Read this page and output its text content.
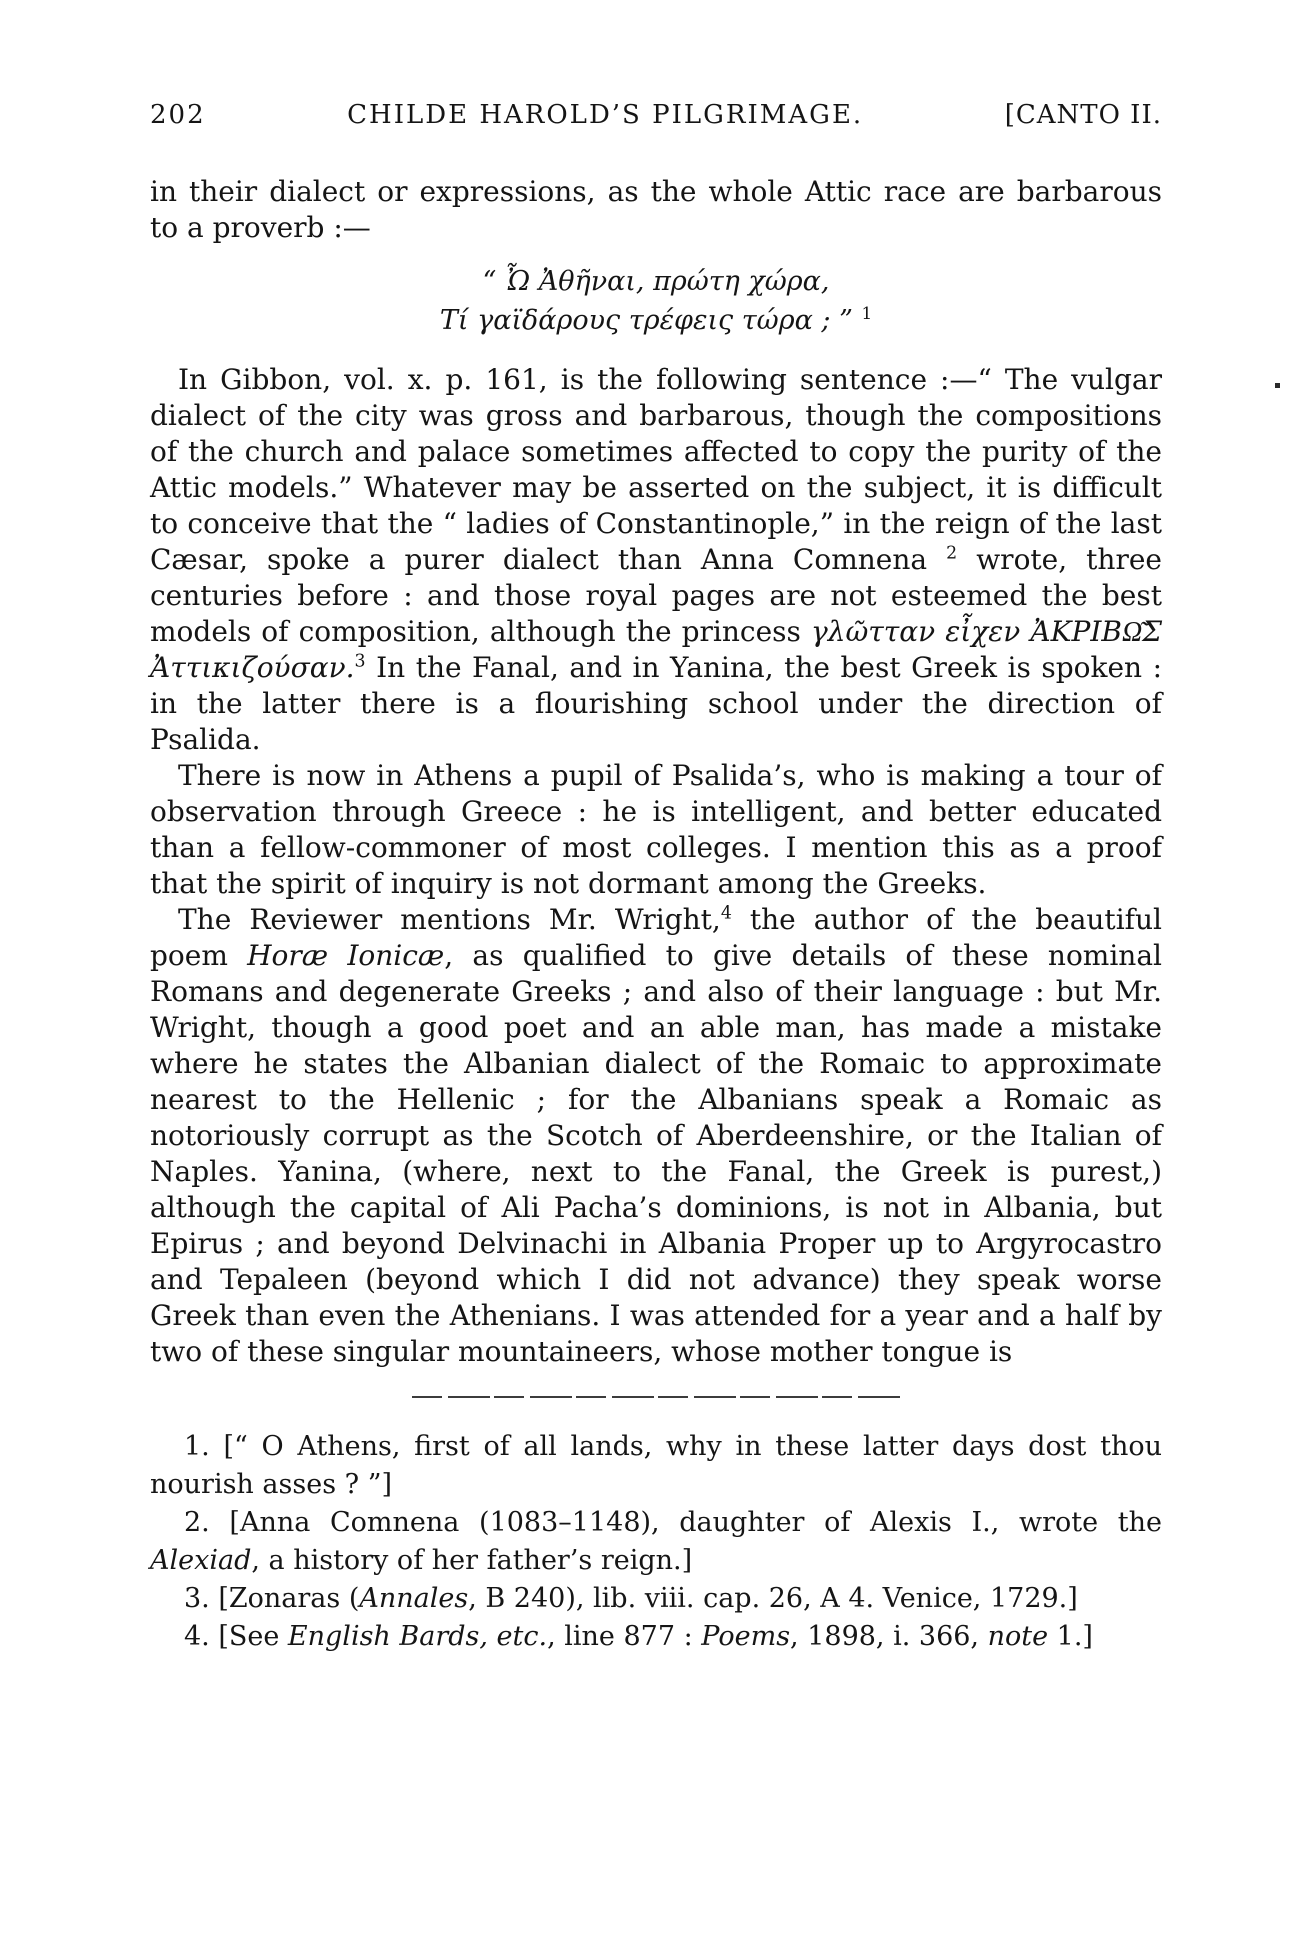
202	CHILDE HAROLD’S PILGRIMAGE.	[CANTO II.

in their dialect or expressions, as the whole Attic race are barbarous to a proverb :—

“ Ὦ Ἀθῆναι, πρώτη χώρα,
Τί γαϊδάρους τρέφεις τώρα ; ” $^1$

In Gibbon, vol. x. p. 161, is the following sentence :—“ The vulgar dialect of the city was gross and barbarous, though the compositions of the church and palace sometimes affected to copy the purity of the Attic models.” Whatever may be asserted on the subject, it is difficult to conceive that the “ ladies of Constantinople,” in the reign of the last Cæsar, spoke a purer dialect than Anna Comnena $^2$ wrote, three centuries before : and those royal pages are not esteemed the best models of composition, although the princess γλῶτταν εἶχεν ἈΚΡΙΒΩ͂Σ Ἀττικιζούσαν.$^3$ In the Fanal, and in Yanina, the best Greek is spoken : in the latter there is a flourishing school under the direction of Psalida.

There is now in Athens a pupil of Psalida’s, who is making a tour of observation through Greece : he is intelligent, and better educated than a fellow-commoner of most colleges. I mention this as a proof that the spirit of inquiry is not dormant among the Greeks.

The Reviewer mentions Mr. Wright,$^4$ the author of the beautiful poem Horæ Ionicæ, as qualified to give details of these nominal Romans and degenerate Greeks ; and also of their language : but Mr. Wright, though a good poet and an able man, has made a mistake where he states the Albanian dialect of the Romaic to approximate nearest to the Hellenic ; for the Albanians speak a Romaic as notoriously corrupt as the Scotch of Aberdeenshire, or the Italian of Naples. Yanina, (where, next to the Fanal, the Greek is purest,) although the capital of Ali Pacha’s dominions, is not in Albania, but Epirus ; and beyond Delvinachi in Albania Proper up to Argyrocastro and Tepaleen (beyond which I did not advance) they speak worse Greek than even the Athenians. I was attended for a year and a half by two of these singular mountaineers, whose mother tongue is

1. [“ O Athens, first of all lands, why in these latter days dost thou nourish asses ? ”]

2. [Anna Comnena (1083–1148), daughter of Alexis I., wrote the Alexiad, a history of her father’s reign.]

3. [Zonaras (Annales, B 240), lib. viii. cap. 26, A 4. Venice, 1729.]

4. [See English Bards, etc., line 877 : Poems, 1898, i. 366, note 1.]
